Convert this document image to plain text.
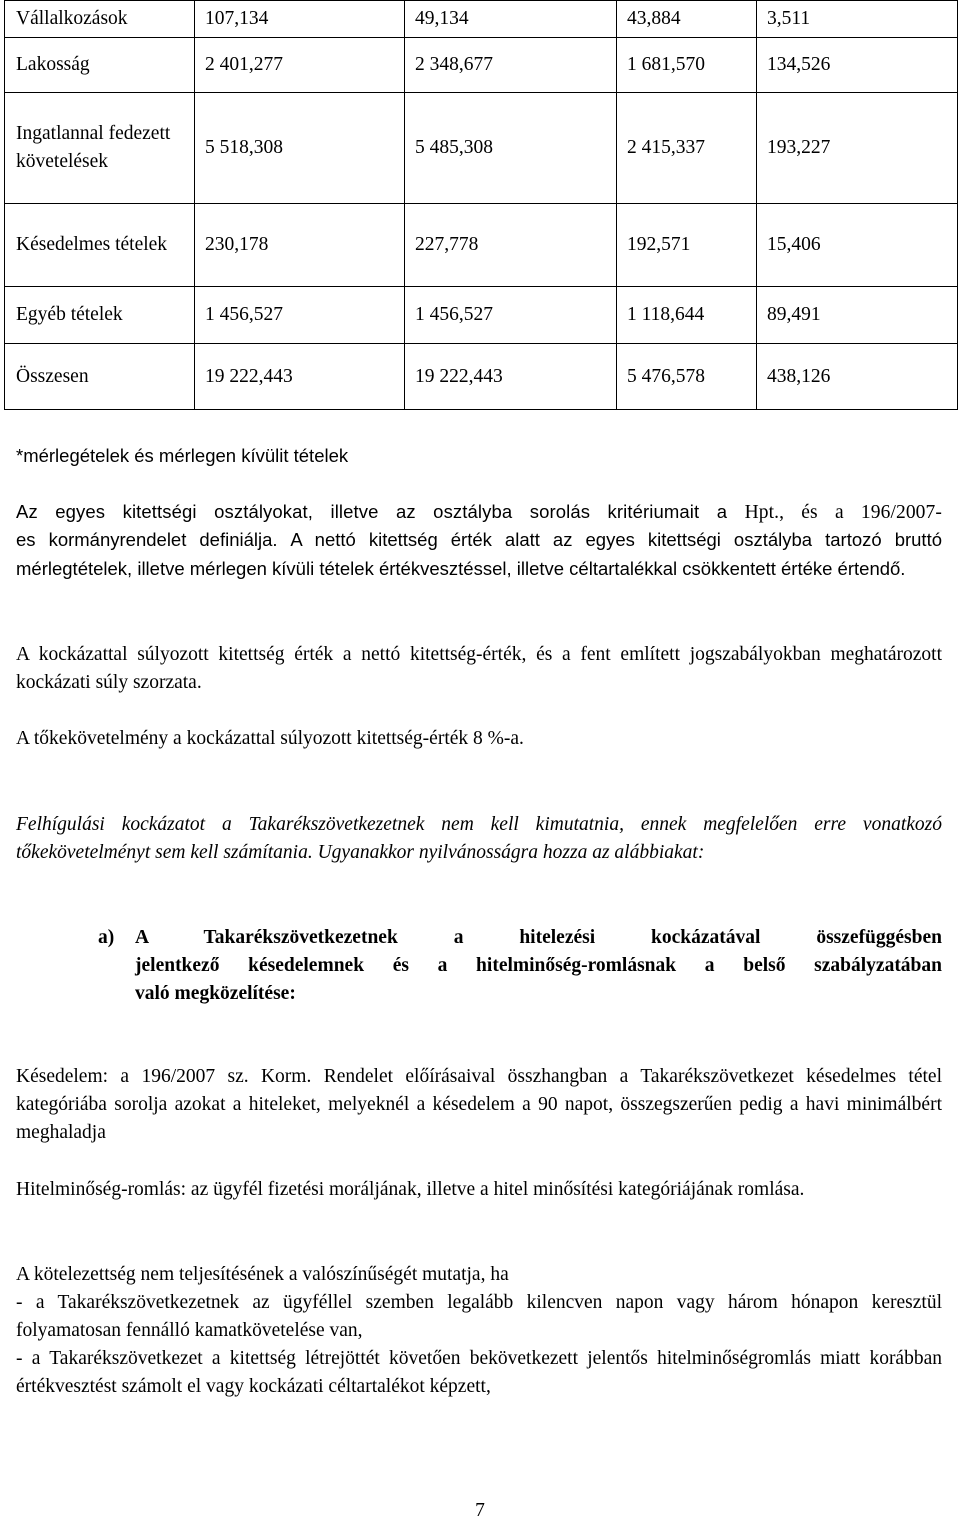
Vállalkozások	107,134	49,134	43,884	3,511
Lakosság	2 401,277	2 348,677	1 681,570	134,526
Ingatlannal fedezett követelések	5 518,308	5 485,308	2 415,337	193,227
Késedelmes tételek	230,178	227,778	192,571	15,406
Egyéb tételek	1 456,527	1 456,527	1 118,644	89,491
Összesen	19 222,443	19 222,443	5 476,578	438,126
*mérlegételek és mérlegen kívülit tételek
Az egyes kitettségi osztályokat, illetve az osztályba sorolás kritériumait a Hpt., és a 196/2007-
es kormányrendelet definiálja. A nettó kitettség érték alatt az egyes kitettségi osztályba tartozó bruttó mérlegtételek, illetve mérlegen kívüli tételek értékvesztéssel, illetve céltartalékkal csökkentett értéke értendő.
A kockázattal súlyozott kitettség érték a nettó kitettség-érték, és a fent említett jogszabályokban meghatározott kockázati súly szorzata.
A tőkekövetelmény a kockázattal súlyozott kitettség-érték 8 %-a.
Felhígulási kockázatot a Takarékszövetkezetnek nem kell kimutatnia, ennek megfelelően erre vonatkozó tőkekövetelményt sem kell számítania. Ugyanakkor nyilvánosságra hozza az alábbiakat:
a) A Takarékszövetkezetnek a hitelezési kockázatával összefüggésben
jelentkező késedelemnek és a hitelminőség-romlásnak a belső szabályzatában
való megközelítése:
Késedelem: a 196/2007 sz. Korm. Rendelet előírásaival összhangban a Takarékszövetkezet késedelmes tétel kategóriába sorolja azokat a hiteleket, melyeknél a késedelem a 90 napot, összegszerűen pedig a havi minimálbért meghaladja
Hitelminőség-romlás: az ügyfél fizetési moráljának, illetve a hitel minősítési kategóriájának romlása.
A kötelezettség nem teljesítésének a valószínűségét mutatja, ha
- a Takarékszövetkezetnek az ügyféllel szemben legalább kilencven napon vagy három hónapon keresztül folyamatosan fennálló kamatkövetelése van,
- a Takarékszövetkezet a kitettség létrejöttét követően bekövetkezett jelentős hitelminőségromlás miatt korábban értékvesztést számolt el vagy kockázati céltartalékot képzett,
7
